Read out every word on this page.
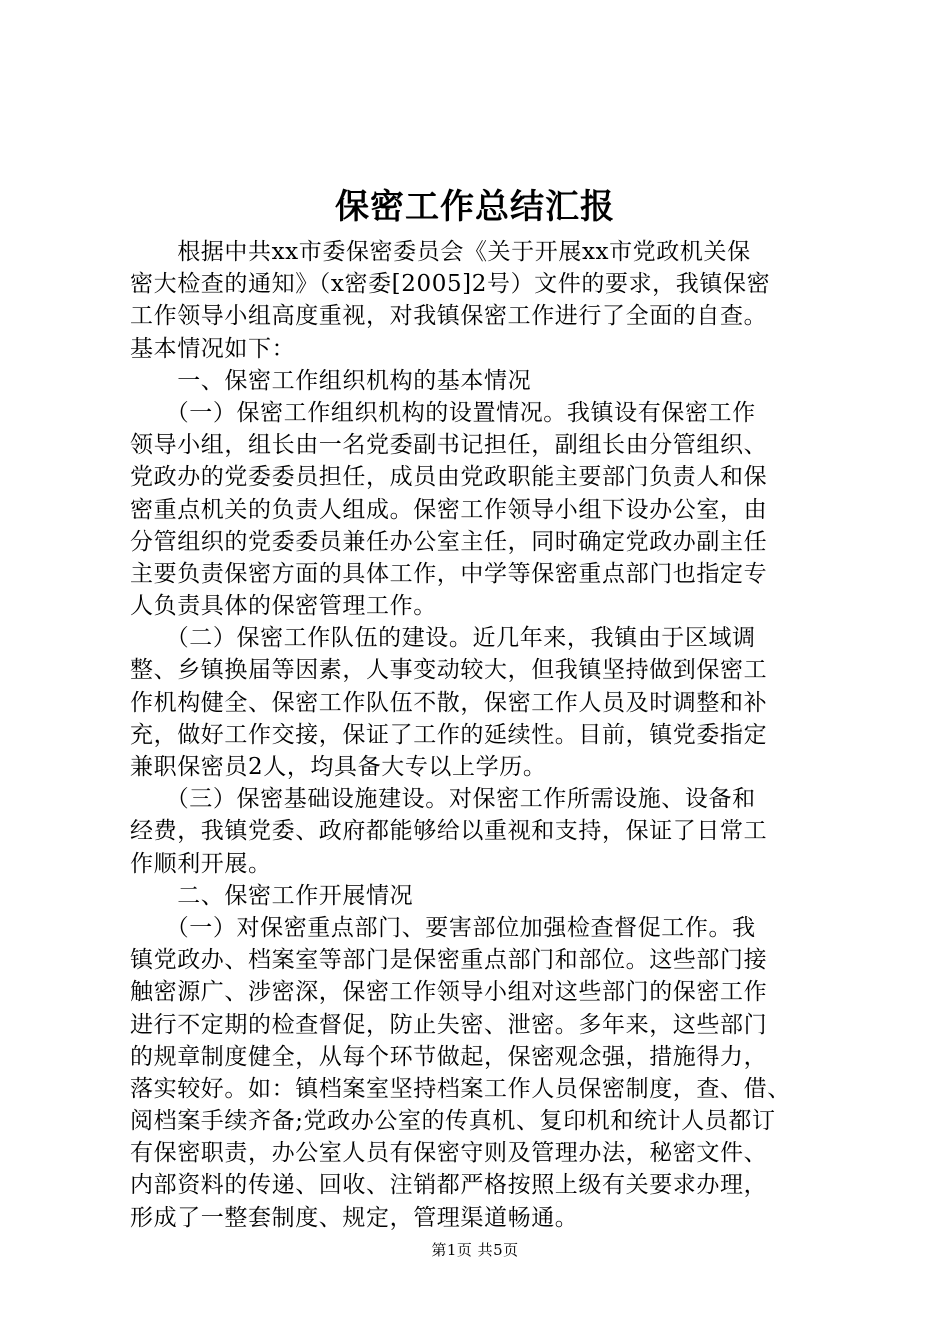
保密工作总结汇报
　　根据中共xx市委保密委员会《关于开展xx市党政机关保
密大检查的通知》（x密委[2005]2号）文件的要求，我镇保密
工作领导小组高度重视，对我镇保密工作进行了全面的自查。
基本情况如下：
　　一、保密工作组织机构的基本情况
　　（一）保密工作组织机构的设置情况。我镇设有保密工作
领导小组，组长由一名党委副书记担任，副组长由分管组织、
党政办的党委委员担任，成员由党政职能主要部门负责人和保
密重点机关的负责人组成。保密工作领导小组下设办公室，由
分管组织的党委委员兼任办公室主任，同时确定党政办副主任
主要负责保密方面的具体工作，中学等保密重点部门也指定专
人负责具体的保密管理工作。
　　（二）保密工作队伍的建设。近几年来，我镇由于区域调
整、乡镇换届等因素，人事变动较大，但我镇坚持做到保密工
作机构健全、保密工作队伍不散，保密工作人员及时调整和补
充，做好工作交接，保证了工作的延续性。目前，镇党委指定
兼职保密员2人，均具备大专以上学历。
　　（三）保密基础设施建设。对保密工作所需设施、设备和
经费，我镇党委、政府都能够给以重视和支持，保证了日常工
作顺利开展。
　　二、保密工作开展情况
　　（一）对保密重点部门、要害部位加强检查督促工作。我
镇党政办、档案室等部门是保密重点部门和部位。这些部门接
触密源广、涉密深，保密工作领导小组对这些部门的保密工作
进行不定期的检查督促，防止失密、泄密。多年来，这些部门
的规章制度健全，从每个环节做起，保密观念强，措施得力，
落实较好。如：镇档案室坚持档案工作人员保密制度，查、借、
阅档案手续齐备;党政办公室的传真机、复印机和统计人员都订
有保密职责，办公室人员有保密守则及管理办法，秘密文件、
内部资料的传递、回收、注销都严格按照上级有关要求办理，
形成了一整套制度、规定，管理渠道畅通。
第1页 共5页
